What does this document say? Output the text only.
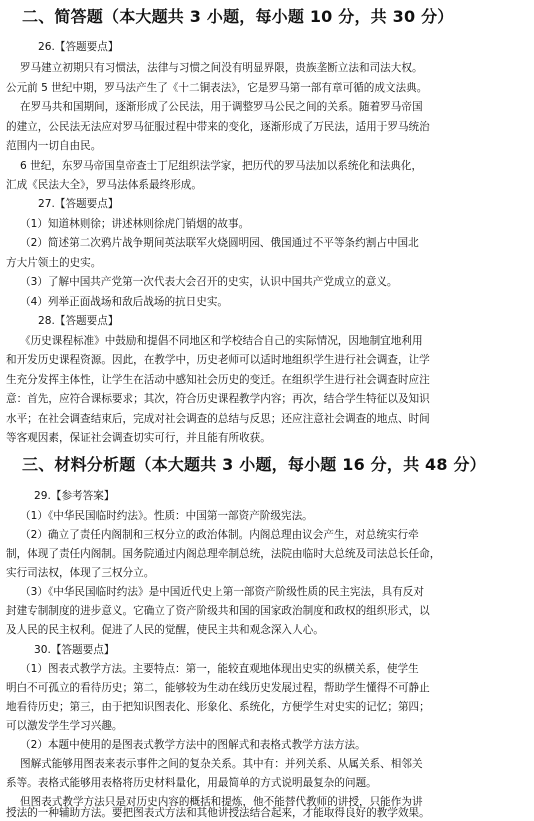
二、简答题（本大题共 3 小题，每小题 10 分，共 30 分）
26.【答题要点】
罗马建立初期只有习惯法，法律与习惯之间没有明显界限，贵族垄断立法和司法大权。
公元前 5 世纪中期，罗马法产生了《十二铜表法》，它是罗马第一部有章可循的成文法典。
在罗马共和国期间，逐渐形成了公民法，用于调整罗马公民之间的关系。随着罗马帝国
的建立，公民法无法应对罗马征服过程中带来的变化，逐渐形成了万民法，适用于罗马统治
范围内一切自由民。
6 世纪，东罗马帝国皇帝查士丁尼组织法学家，把历代的罗马法加以系统化和法典化，
汇成《民法大全》，罗马法体系最终形成。
27.【答题要点】
（1）知道林则徐；讲述林则徐虎门销烟的故事。
（2）简述第二次鸦片战争期间英法联军火烧圆明园、俄国通过不平等条约割占中国北
方大片领土的史实。
（3）了解中国共产党第一次代表大会召开的史实，认识中国共产党成立的意义。
（4）列举正面战场和敌后战场的抗日史实。
28.【答题要点】
《历史课程标准》中鼓励和提倡不同地区和学校结合自己的实际情况，因地制宜地利用
和开发历史课程资源。因此，在教学中，历史老师可以适时地组织学生进行社会调查，让学
生充分发挥主体性，让学生在活动中感知社会历史的变迁。在组织学生进行社会调查时应注
意：首先，应符合课标要求；其次，符合历史课程教学内容；再次，结合学生特征以及知识
水平；在社会调查结束后，完成对社会调查的总结与反思；还应注意社会调查的地点、时间
等客观因素，保证社会调查切实可行，并且能有所收获。
三、材料分析题（本大题共 3 小题，每小题 16 分，共 48 分）
29.【参考答案】
（1）《中华民国临时约法》。性质：中国第一部资产阶级宪法。
（2）确立了责任内阁制和三权分立的政治体制。内阁总理由议会产生，对总统实行牵
制，体现了责任内阁制。国务院通过内阁总理牵制总统，法院由临时大总统及司法总长任命，
实行司法权，体现了三权分立。
（3）《中华民国临时约法》是中国近代史上第一部资产阶级性质的民主宪法，具有反对
封建专制制度的进步意义。它确立了资产阶级共和国的国家政治制度和政权的组织形式，以
及人民的民主权利。促进了人民的觉醒，使民主共和观念深入人心。
30.【答题要点】
（1）图表式教学方法。主要特点：第一，能较直观地体现出史实的纵横关系，使学生
明白不可孤立的看待历史；第二，能够较为生动在线历史发展过程，帮助学生懂得不可静止
地看待历史；第三，由于把知识图表化、形象化、系统化，方便学生对史实的记忆；第四；
可以激发学生学习兴趣。
（2）本题中使用的是图表式教学方法中的图解式和表格式教学方法方法。
图解式能够用图表来表示事件之间的复杂关系。其中有：并列关系、从属关系、相邻关
系等。表格式能够用表格将历史材料量化，用最简单的方式说明最复杂的问题。
但图表式教学方法只是对历史内容的概括和提炼，他不能替代教师的讲授，只能作为讲
授法的一种辅助方法。要把图表式方法和其他讲授法结合起来，才能取得良好的教学效果。
